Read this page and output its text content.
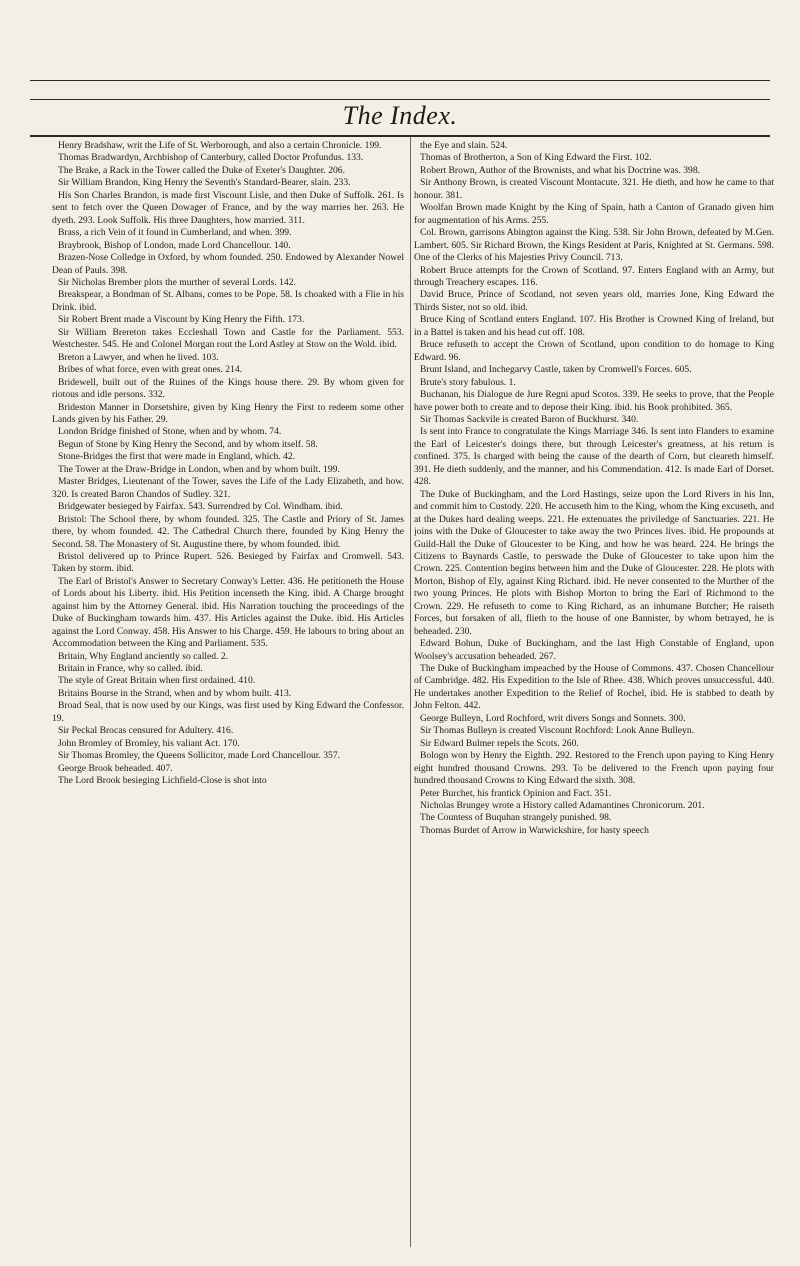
The Index.

Henry Bradshaw, writ the Life of St. Werborough, and also a certain Chronicle. 199.

Thomas Bradwardyn, Archbishop of Canterbury, called Doctor Profundus. 133.

The Brake, a Rack in the Tower called the Duke of Exeter's Daughter. 206.

Sir William Brandon, King Henry the Seventh's Standard-Bearer, slain. 233.

His Son Charles Brandon, is made first Viscount Lisle, and then Duke of Suffolk. 261. Is sent to fetch over the Queen Dowager of France, and by the way marries her. 263. He dyeth. 293. Look Suffolk. His three Daughters, how married. 311.

Brass, a rich Vein of it found in Cumberland, and when. 399.

Braybrook, Bishop of London, made Lord Chancellour. 140.

Brazen-Nose Colledge in Oxford, by whom founded. 250. Endowed by Alexander Nowel Dean of Pauls. 398.

Sir Nicholas Brember plots the murther of several Lords. 142.

Breakspear, a Bondman of St. Albans, comes to be Pope. 58. Is choaked with a Flie in his Drink. ibid.

Sir Robert Brent made a Viscount by King Henry the Fifth. 173.

Sir William Brereton takes Eccleshall Town and Castle for the Parliament. 553. Westchester. 545. He and Colonel Morgan rout the Lord Astley at Stow on the Wold. ibid.

Breton a Lawyer, and when he lived. 103.

Bribes of what force, even with great ones. 214.

Bridewell, built out of the Ruines of the Kings house there. 29. By whom given for riotous and idle persons. 332.

Brideston Manner in Dorsetshire, given by King Henry the First to redeem some other Lands given by his Father. 29.

London Bridge finished of Stone, when and by whom. 74.

Begun of Stone by King Henry the Second, and by whom itself. 58.

Stone-Bridges the first that were made in England, which. 42.

The Tower at the Draw-Bridge in London, when and by whom built. 199.

Master Bridges, Lieutenant of the Tower, saves the Life of the Lady Elizabeth, and how. 320. Is created Baron Chandos of Sudley. 321.

Bridgewater besieged by Fairfax. 543. Surrendred by Col. Windham. ibid.

Bristol: The School there, by whom founded. 325. The Castle and Priory of St. James there, by whom founded. 42. The Cathedral Church there, founded by King Henry the Second. 58. The Monastery of St. Augustine there, by whom founded. ibid.

Bristol delivered up to Prince Rupert. 526. Besieged by Fairfax and Cromwell. 543. Taken by storm. ibid.

The Earl of Bristol's Answer to Secretary Conway's Letter. 436. He petitioneth the House of Lords about his Liberty. ibid. His Petition incenseth the King. ibid. A Charge brought against him by the Attorney General. ibid. His Narration touching the proceedings of the Duke of Buckingham towards him. 437. His Articles against the Duke. ibid. His Articles against the Lord Conway. 458. His Answer to his Charge. 459. He labours to bring about an Accommodation between the King and Parliament. 535.

Britain, Why England anciently so called. 2.

Britain in France, why so called. ibid.

The style of Great Britain when first ordained. 410.

Britains Bourse in the Strand, when and by whom built. 413.

Broad Seal, that is now used by our Kings, was first used by King Edward the Confessor. 19.

Sir Peckal Brocas censured for Adultery. 416.

John Bromley of Bromley, his valiant Act. 170.

Sir Thomas Bromley, the Queens Sollicitor, made Lord Chancellour. 357.

George Brook beheaded. 407.

The Lord Brook besieging Lichfield-Close is shot into

the Eye and slain. 524.

Thomas of Brotherton, a Son of King Edward the First. 102.

Robert Brown, Author of the Brownists, and what his Doctrine was. 398.

Sir Anthony Brown, is created Viscount Montacute. 321. He dieth, and how he came to that honour. 381.

Woolfan Brown made Knight by the King of Spain, hath a Canton of Granado given him for augmentation of his Arms. 255.

Col. Brown, garrisons Abington against the King. 538. Sir John Brown, defeated by M.Gen. Lambert. 605. Sir Richard Brown, the Kings Resident at Paris, Knighted at St. Germans. 598. One of the Clerks of his Majesties Privy Council. 713.

Robert Bruce attempts for the Crown of Scotland. 97. Enters England with an Army, but through Treachery escapes. 116.

David Bruce, Prince of Scotland, not seven years old, marries Jone, King Edward the Thirds Sister, not so old. ibid.

Bruce King of Scotland enters England. 107. His Brother is Crowned King of Ireland, but in a Battel is taken and his head cut off. 108.

Bruce refuseth to accept the Crown of Scotland, upon condition to do homage to King Edward. 96.

Brunt Island, and Inchegarvy Castle, taken by Cromwell's Forces. 605.

Brute's story fabulous. 1.

Buchanan, his Dialogue de Jure Regni apud Scotos. 339. He seeks to prove, that the People have power both to create and to depose their King. ibid. his Book prohibited. 365.

Sir Thomas Sackvile is created Baron of Buckhurst. 340.

Is sent into France to congratulate the Kings Marriage 346. Is sent into Flanders to examine the Earl of Leicester's doings there, but through Leicester's greatness, at his return is confined. 375. Is charged with being the cause of the dearth of Corn, but cleareth himself. 391. He dieth suddenly, and the manner, and his Commendation. 412. Is made Earl of Dorset. 428.

The Duke of Buckingham, and the Lord Hastings, seize upon the Lord Rivers in his Inn, and commit him to Custody. 220. He accuseth him to the King, whom the King excuseth, and at the Dukes hard dealing weeps. 221. He extenuates the priviledge of Sanctuaries. 221. He joins with the Duke of Gloucester to take away the two Princes lives. ibid. He propounds at Guild-Hall the Duke of Gloucester to be King, and how he was heard. 224. He brings the Citizens to Baynards Castle, to perswade the Duke of Gloucester to take upon him the Crown. 225. Contention begins between him and the Duke of Gloucester. 228. He plots with Morton, Bishop of Ely, against King Richard. ibid. He never consented to the Murther of the two young Princes. He plots with Bishop Morton to bring the Earl of Richmond to the Crown. 229. He refuseth to come to King Richard, as an inhumane Butcher; He raiseth Forces, but forsaken of all, flieth to the house of one Bannister, by whom betrayed, he is beheaded. 230.

Edward Bohun, Duke of Buckingham, and the last High Constable of England, upon Woolsey's accusation beheaded. 267.

The Duke of Buckingham impeached by the House of Commons. 437. Chosen Chancellour of Cambridge. 482. His Expedition to the Isle of Rhee. 438. Which proves unsuccessful. 440. He undertakes another Expedition to the Relief of Rochel, ibid. He is stabbed to death by John Felton. 442.

George Bulleyn, Lord Rochford, writ divers Songs and Sonnets. 300.

Sir Thomas Bulleyn is created Viscount Rochford: Look Anne Bulleyn.

Sir Edward Bulmer repels the Scots. 260.

Bologn won by Henry the Eighth. 292. Restored to the French upon paying to King Henry eight hundred thousand Crowns. 293. To be delivered to the French upon paying four hundred thousand Crowns to King Edward the sixth. 308.

Peter Burchet, his frantick Opinion and Fact. 351.

Nicholas Brungey wrote a History called Adamantines Chronicorum. 201.

The Countess of Buquhan strangely punished. 98.

Thomas Burdet of Arrow in Warwickshire, for hasty speech
